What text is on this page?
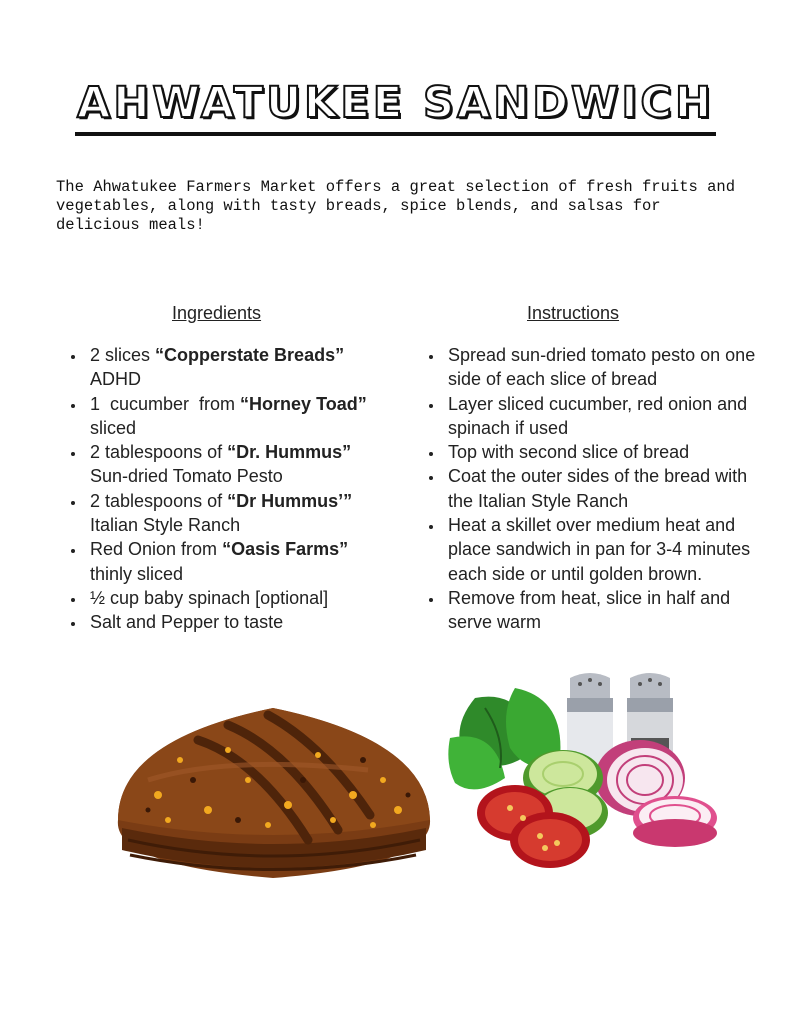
AHWATUKEE SANDWICH
The Ahwatukee Farmers Market offers a great selection of fresh fruits and vegetables, along with tasty breads, spice blends, and salsas for delicious meals!
Ingredients	Instructions
• 2 slices “Copperstate Breads”
ADHD
• 1  cucumber  from “Horney Toad”
sliced
• 2 tablespoons of “Dr. Hummus”
Sun-dried Tomato Pesto
• 2 tablespoons of “Dr Hummus’”
Italian Style Ranch
• Red Onion from “Oasis Farms”
thinly sliced
• ½ cup baby spinach [optional]
• Salt and Pepper to taste
• Spread sun-dried tomato pesto on one side of each slice of bread
• Layer sliced cucumber, red onion and spinach if used
• Top with second slice of bread
• Coat the outer sides of the bread with the Italian Style Ranch
• Heat a skillet over medium heat and place sandwich in pan for 3-4 minutes each side or until golden brown.
• Remove from heat, slice in half and serve warm
